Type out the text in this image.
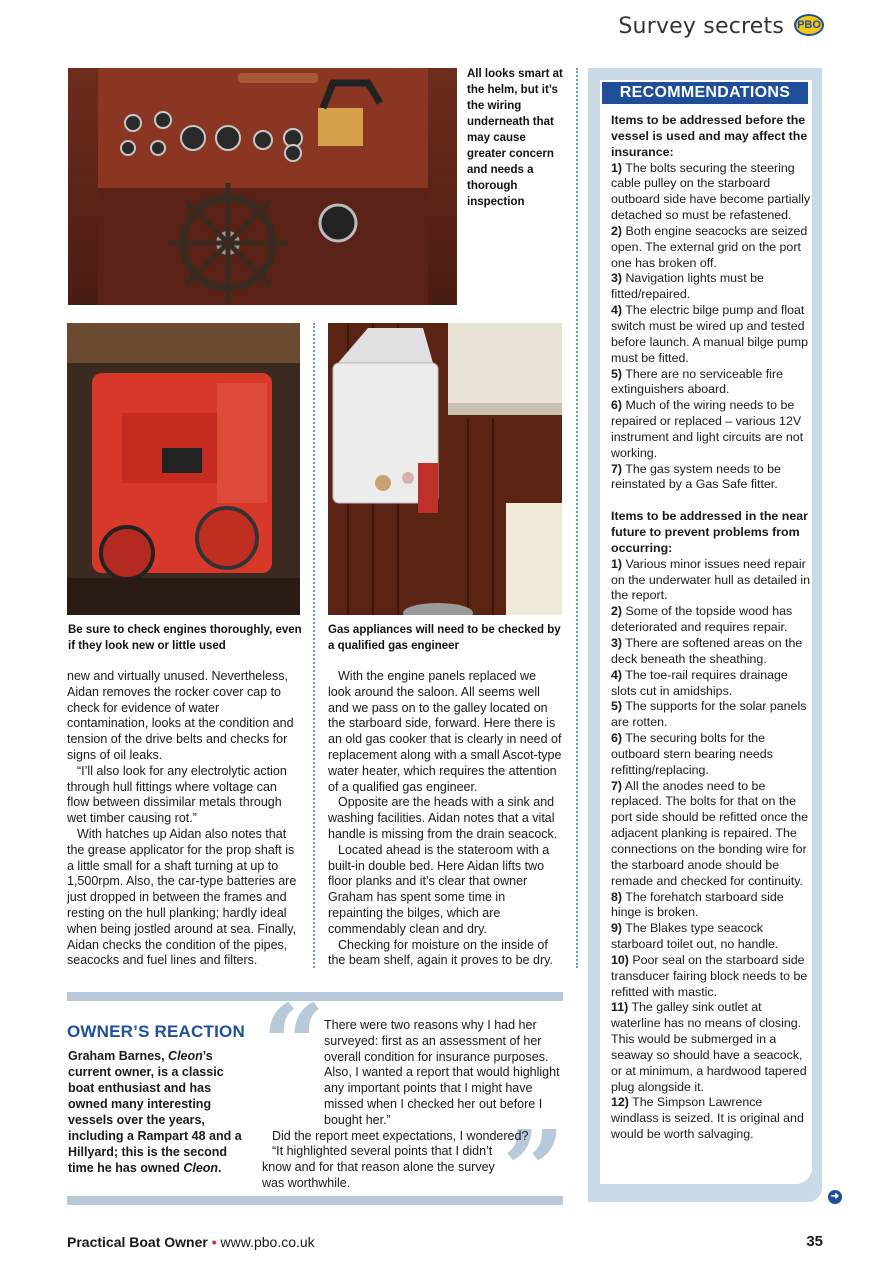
Survey secrets PBO
All looks smart at the helm, but it’s the wiring underneath that may cause greater concern and needs a thorough inspection
Be sure to check engines thoroughly, even if they look new or little used
Gas appliances will need to be checked by a qualified gas engineer

new and virtually unused. Nevertheless, Aidan removes the rocker cover cap to check for evidence of water contamination, looks at the condition and tension of the drive belts and checks for signs of oil leaks.

“I’ll also look for any electrolytic action through hull fittings where voltage can flow between dissimilar metals through wet timber causing rot.”

With hatches up Aidan also notes that the grease applicator for the prop shaft is a little small for a shaft turning at up to 1,500rpm. Also, the car-type batteries are just dropped in between the frames and resting on the hull planking; hardly ideal when being jostled around at sea. Finally, Aidan checks the condition of the pipes, seacocks and fuel lines and filters.

With the engine panels replaced we look around the saloon. All seems well and we pass on to the galley located on the starboard side, forward. Here there is an old gas cooker that is clearly in need of replacement along with a small Ascot-type water heater, which requires the attention of a qualified gas engineer.

Opposite are the heads with a sink and washing facilities. Aidan notes that a vital handle is missing from the drain seacock.

Located ahead is the stateroom with a built-in double bed. Here Aidan lifts two floor planks and it’s clear that owner Graham has spent some time in repainting the bilges, which are commendably clean and dry.

Checking for moisture on the inside of the beam shelf, again it proves to be dry.

RECOMMENDATIONS
Items to be addressed before the vessel is used and may affect the insurance:
1) The bolts securing the steering cable pulley on the starboard outboard side have become partially detached so must be refastened.
2) Both engine seacocks are seized open. The external grid on the port one has broken off.
3) Navigation lights must be fitted/repaired.
4) The electric bilge pump and float switch must be wired up and tested before launch. A manual bilge pump must be fitted.
5) There are no serviceable fire extinguishers aboard.
6) Much of the wiring needs to be repaired or replaced – various 12V instrument and light circuits are not working.
7) The gas system needs to be reinstated by a Gas Safe fitter.
Items to be addressed in the near future to prevent problems from occurring:
1) Various minor issues need repair on the underwater hull as detailed in the report.
2) Some of the topside wood has deteriorated and requires repair.
3) There are softened areas on the deck beneath the sheathing.
4) The toe-rail requires drainage slots cut in amidships.
5) The supports for the solar panels are rotten.
6) The securing bolts for the outboard stern bearing needs refitting/replacing.
7) All the anodes need to be replaced. The bolts for that on the port side should be refitted once the adjacent planking is repaired. The connections on the bonding wire for the starboard anode should be remade and checked for continuity.
8) The forehatch starboard side hinge is broken.
9) The Blakes type seacock starboard toilet out, no handle.
10) Poor seal on the starboard side transducer fairing block needs to be refitted with mastic.
11) The galley sink outlet at waterline has no means of closing. This would be submerged in a seaway so should have a seacock, or at minimum, a hardwood tapered plug alongside it.
12) The Simpson Lawrence windlass is seized. It is original and would be worth salvaging.
OWNER’S REACTION
Graham Barnes, Cleon’s current owner, is a classic boat enthusiast and has owned many interesting vessels over the years, including a Rampart 48 and a Hillyard; this is the second time he has owned Cleon.
“
”

There were two reasons why I had her surveyed: first as an assessment of her overall condition for insurance purposes. Also, I wanted a report that would highlight any important points that I might have missed when I checked her out before I bought her.”

Did the report meet expectations, I wondered?

“It highlighted several points that I didn’t know and for that reason alone the survey was worthwhile.

➜
Practical Boat Owner • www.pbo.co.uk	35
